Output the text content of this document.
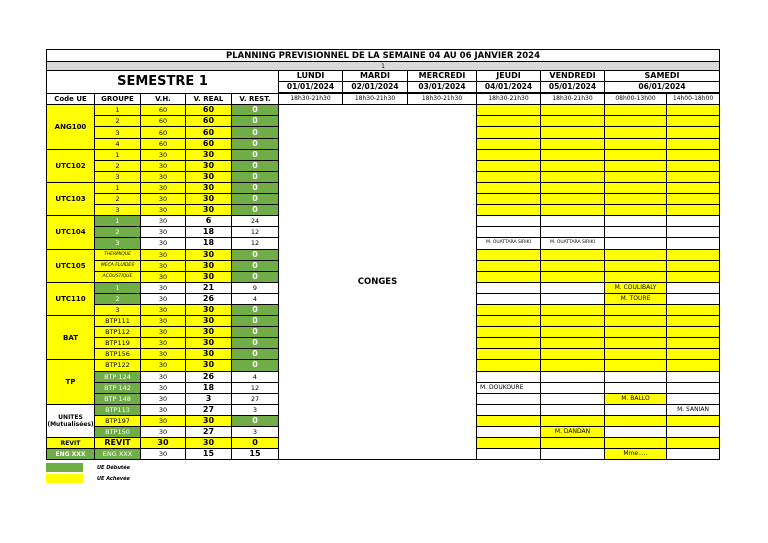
PLANNING PREVISIONNEL DE LA SEMAINE 04 AU 06 JANVIER 2024											
1											
SEMESTRE 1					LUNDI	MARDI	MERCREDI	JEUDI	VENDREDI	SAMEDI	
					01/01/2024	02/01/2024	03/01/2024	04/01/2024	05/01/2024	06/01/2024	
Code UE	GROUPE	V.H.	V. REAL	V. REST.	18h30-21h30	18h30-21h30	18h30-21h30	18h30-21h30	18h30-21h30	08h00-13h00	14h00-18h00
ANG100	1	60	60	0	CONGES						
	2	60	60	0							
	3	60	60	0							
	4	60	60	0							
UTC102	1	30	30	0							
	2	30	30	0							
	3	30	30	0							
UTC103	1	30	30	0							
	2	30	30	0							
	3	30	30	0							
UTC104	1	30	6	24							
	2	30	18	12							
	3	30	18	12				M. OUATTARA SIRIKI	M. OUATTARA SIRIKI		
UTC105	THERMIQUE	30	30	0							
	MECA FLUIDES	30	30	0							
	ACOUSTIQUE	30	30	0							
UTC110	1	30	21	9						M. COULIBALY	
	2	30	26	4						M. TOURE	
	3	30	30	0							
BAT	BTP111	30	30	0							
	BTP112	30	30	0							
	BTP119	30	30	0							
	BTP156	30	30	0							
TP	BTP122	30	30	0							
	BTP 124	30	26	4							
	BTP 142	30	18	12				M. DOUKOURE			
	BTP 148	30	3	27						M. BALLO	
UNITES (Mutualisées)	BTP113	30	27	3							M. SANIAN
	BTP197	30	30	0							
	BTP150	30	27	3					M. DANDAN		
REVIT	REVIT	30	30	0							
ENG XXX	ENG XXX	30	15	15						Mme.....	
UE Débutée
UE Achevée
